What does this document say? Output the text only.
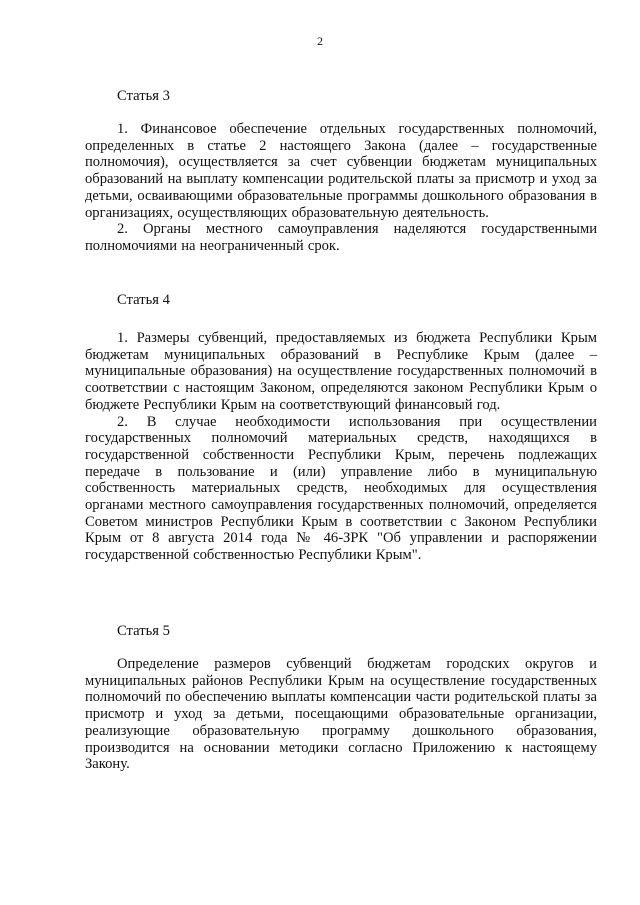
2
Статья 3

1. Финансовое обеспечение отдельных государственных полномочий, определенных в статье 2 настоящего Закона (далее – государственные полномочия), осуществляется за счет субвенции бюджетам муниципальных образований на выплату компенсации родительской платы за присмотр и уход за детьми, осваивающими образовательные программы дошкольного образования в организациях, осуществляющих образовательную деятельность.

2. Органы местного самоуправления наделяются государственными полномочиями на неограниченный срок.

Статья 4

1. Размеры субвенций, предоставляемых из бюджета Республики Крым бюджетам муниципальных образований в Республике Крым (далее – муниципальные образования) на осуществление государственных полномочий в соответствии с настоящим Законом, определяются законом Республики Крым о бюджете Республики Крым на соответствующий финансовый год.

2. В случае необходимости использования при осуществлении государственных полномочий материальных средств, находящихся в государственной собственности Республики Крым, перечень подлежащих передаче в пользование и (или) управление либо в муниципальную собственность материальных средств, необходимых для осуществления органами местного самоуправления государственных полномочий, определяется Советом министров Республики Крым в соответствии с Законом Республики Крым от 8 августа 2014 года № 46-ЗРК "Об управлении и распоряжении государственной собственностью Республики Крым".

Статья 5

Определение размеров субвенций бюджетам городских округов и муниципальных районов Республики Крым на осуществление государственных полномочий по обеспечению выплаты компенсации части родительской платы за присмотр и уход за детьми, посещающими образовательные организации, реализующие образовательную программу дошкольного образования, производится на основании методики согласно Приложению к настоящему Закону.
